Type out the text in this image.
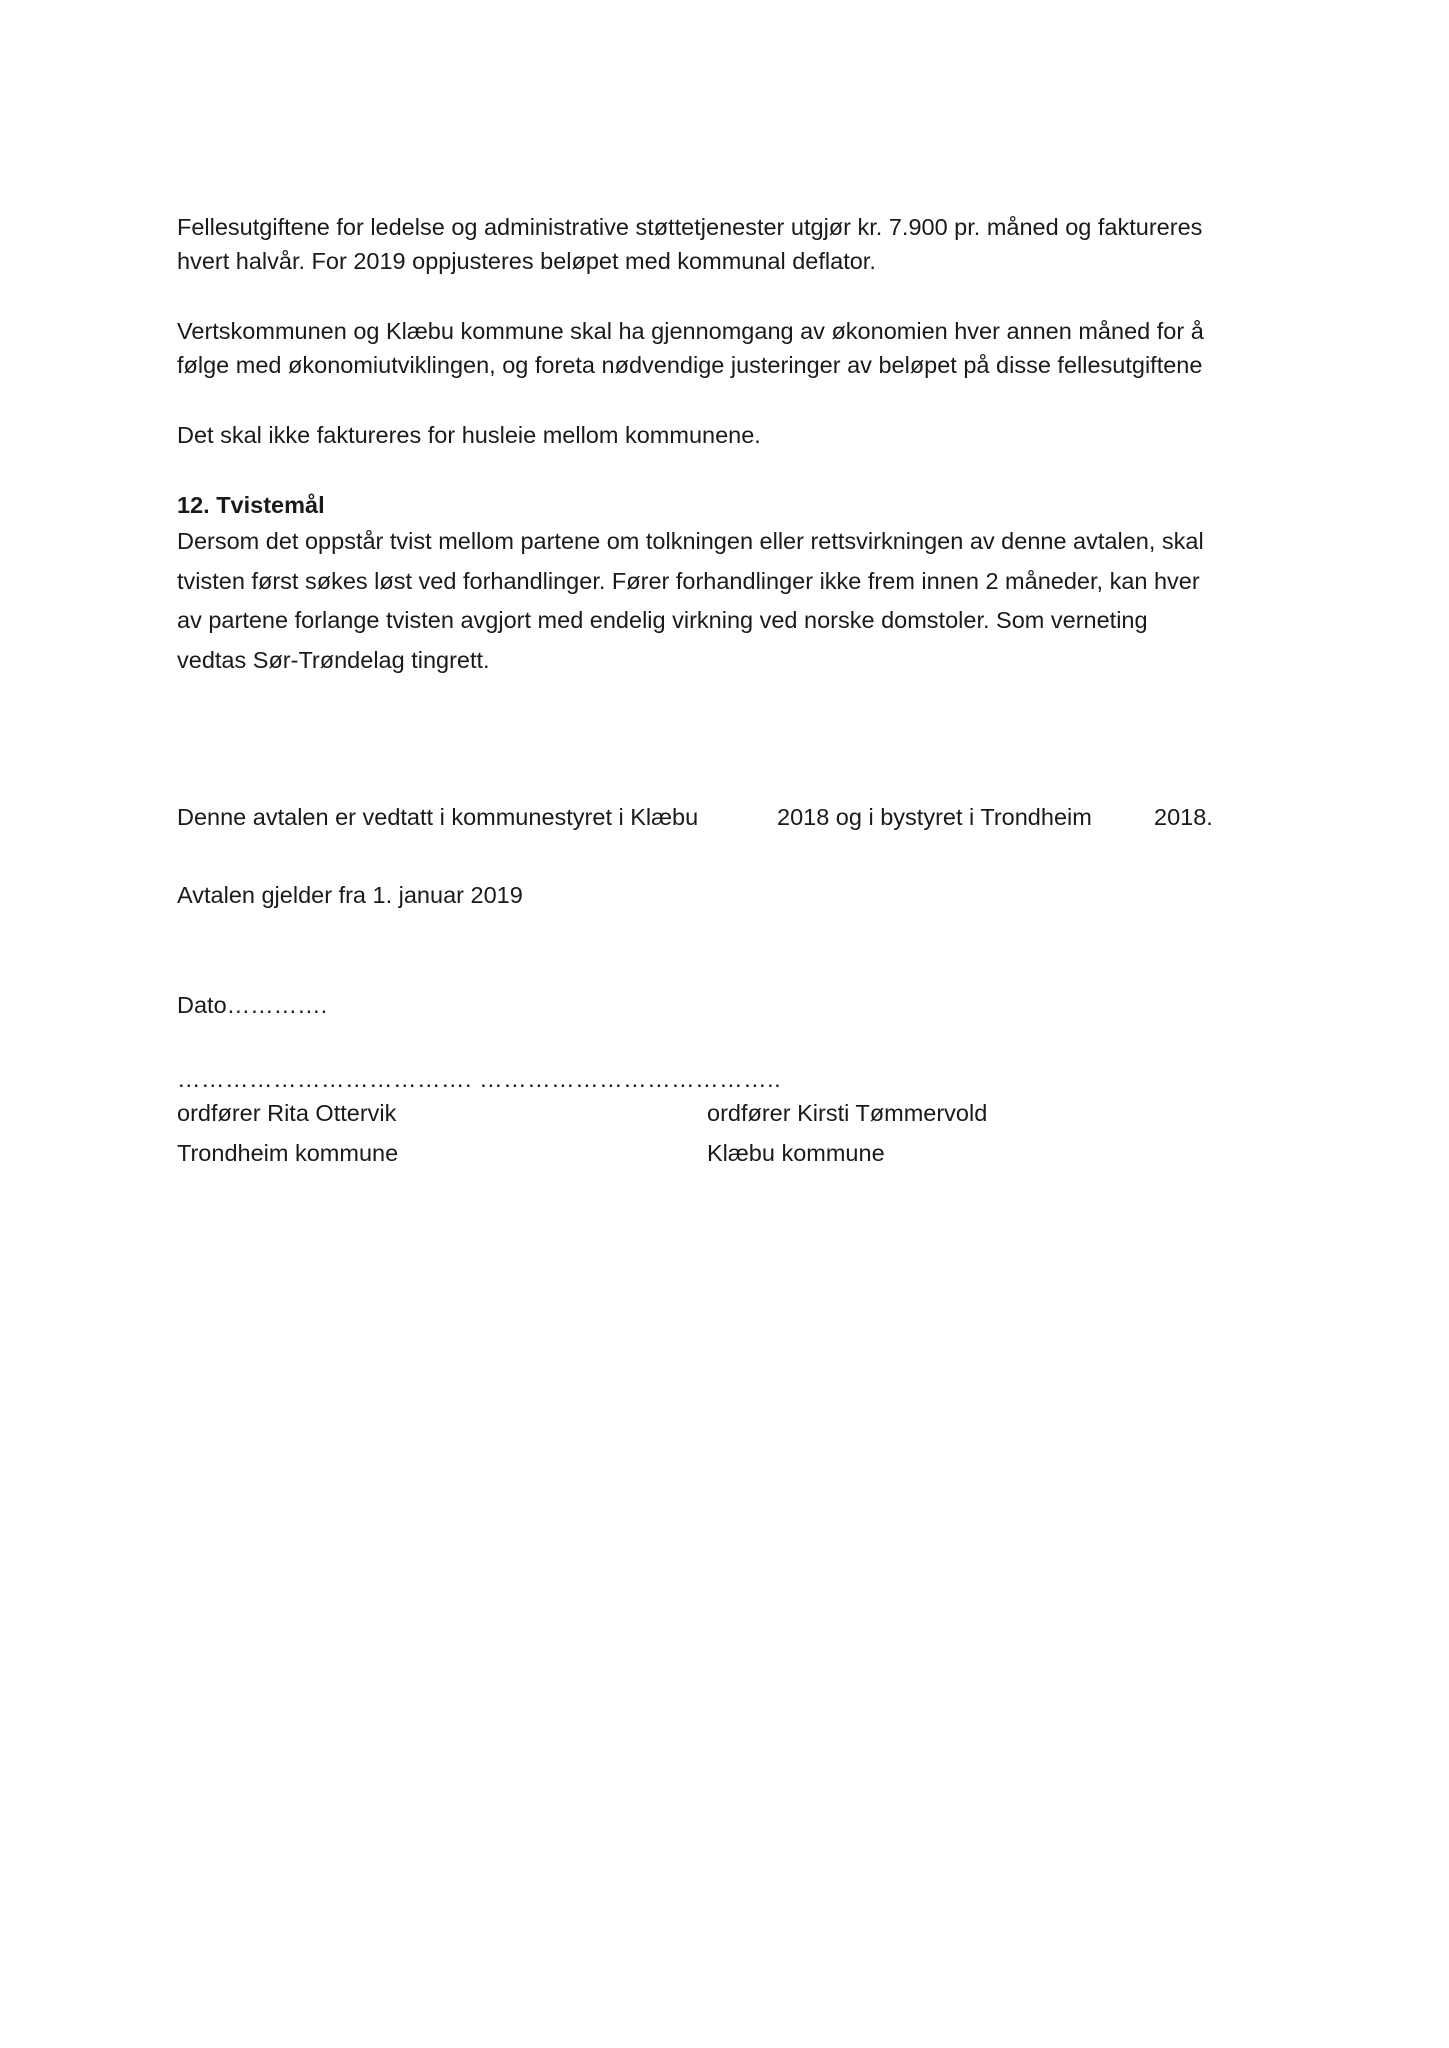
Fellesutgiftene for ledelse og administrative støttetjenester utgjør kr. 7.900 pr. måned og faktureres
hvert halvår. For 2019 oppjusteres beløpet med kommunal deflator.

Vertskommunen og Klæbu kommune skal ha gjennomgang av økonomien hver annen måned for å
følge med økonomiutviklingen, og foreta nødvendige justeringer av beløpet på disse fellesutgiftene

Det skal ikke faktureres for husleie mellom kommunene.

12. Tvistemål

Dersom det oppstår tvist mellom partene om tolkningen eller rettsvirkningen av denne avtalen, skal
tvisten først søkes løst ved forhandlinger. Fører forhandlinger ikke frem innen 2 måneder, kan hver
av partene forlange tvisten avgjort med endelig virkning ved norske domstoler. Som verneting
vedtas Sør-Trøndelag tingrett.

Denne avtalen er vedtatt i kommunestyret i Klæbu	2018 og i bystyret i Trondheim	2018.

Avtalen gjelder fra 1. januar 2019

Dato………….

………………………………. ………………………………..
ordfører Rita Ottervik	ordfører Kirsti Tømmervold
Trondheim kommune	Klæbu kommune
